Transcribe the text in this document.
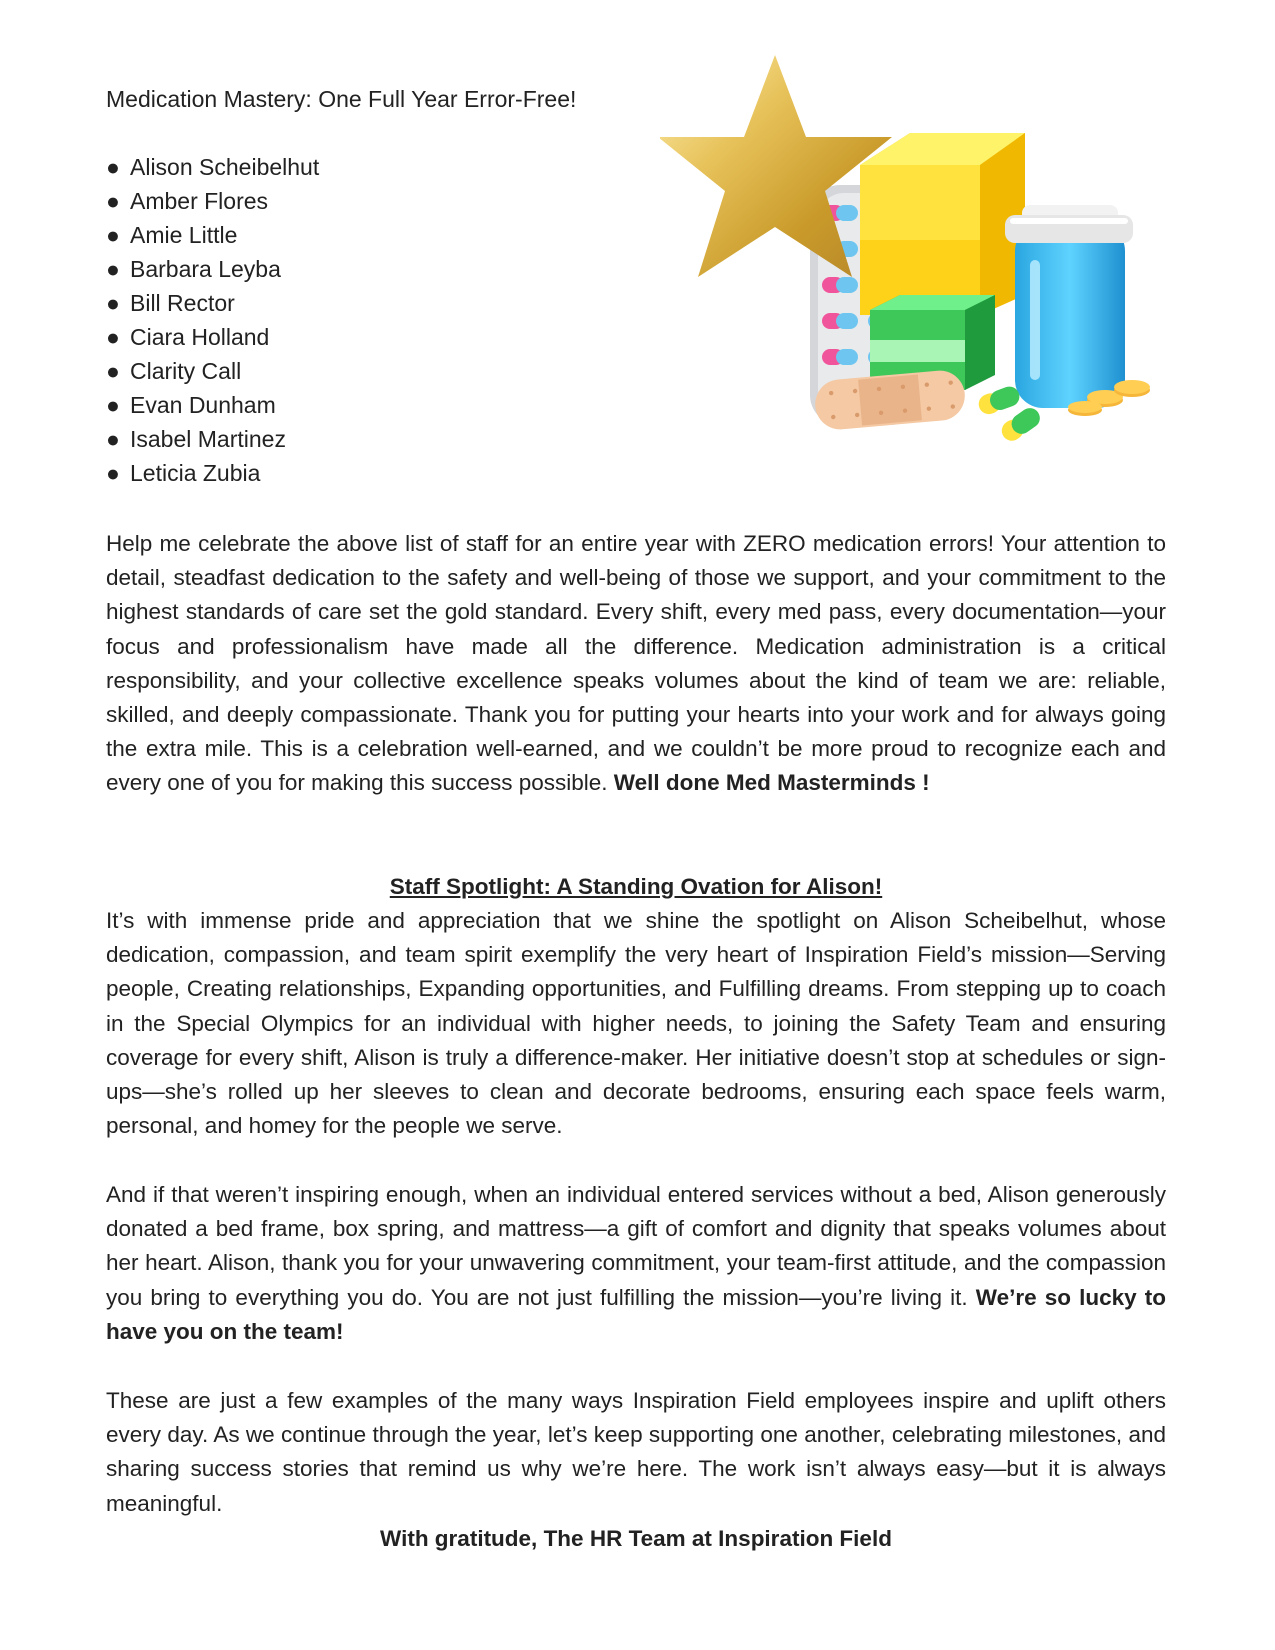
Medication Mastery: One Full Year Error-Free!
● Alison Scheibelhut
● Amber Flores
● Amie Little
● Barbara Leyba
● Bill Rector
● Ciara Holland
● Clarity Call
● Evan Dunham
● Isabel Martinez
● Leticia Zubia

Help me celebrate the above list of staff for an entire year with ZERO medication errors! Your attention to detail, steadfast dedication to the safety and well-being of those we support, and your commitment to the highest standards of care set the gold standard. Every shift, every med pass, every documentation—your focus and professionalism have made all the difference. Medication administration is a critical responsibility, and your collective excellence speaks volumes about the kind of team we are: reliable, skilled, and deeply compassionate. Thank you for putting your hearts into your work and for always going the extra mile. This is a celebration well-earned, and we couldn’t be more proud to recognize each and every one of you for making this success possible. Well done Med Masterminds !

Staff Spotlight: A Standing Ovation for Alison!

It’s with immense pride and appreciation that we shine the spotlight on Alison Scheibelhut, whose dedication, compassion, and team spirit exemplify the very heart of Inspiration Field’s mission—Serving people, Creating relationships, Expanding opportunities, and Fulfilling dreams. From stepping up to coach in the Special Olympics for an individual with higher needs, to joining the Safety Team and ensuring coverage for every shift, Alison is truly a difference-maker. Her initiative doesn’t stop at schedules or sign-ups—she’s rolled up her sleeves to clean and decorate bedrooms, ensuring each space feels warm, personal, and homey for the people we serve.

And if that weren’t inspiring enough, when an individual entered services without a bed, Alison generously donated a bed frame, box spring, and mattress—a gift of comfort and dignity that speaks volumes about her heart. Alison, thank you for your unwavering commitment, your team-first attitude, and the compassion you bring to everything you do. You are not just fulfilling the mission—you’re living it. We’re so lucky to have you on the team!

These are just a few examples of the many ways Inspiration Field employees inspire and uplift others every day. As we continue through the year, let’s keep supporting one another, celebrating milestones, and sharing success stories that remind us why we’re here. The work isn’t always easy—but it is always meaningful.

With gratitude, The HR Team at Inspiration Field
